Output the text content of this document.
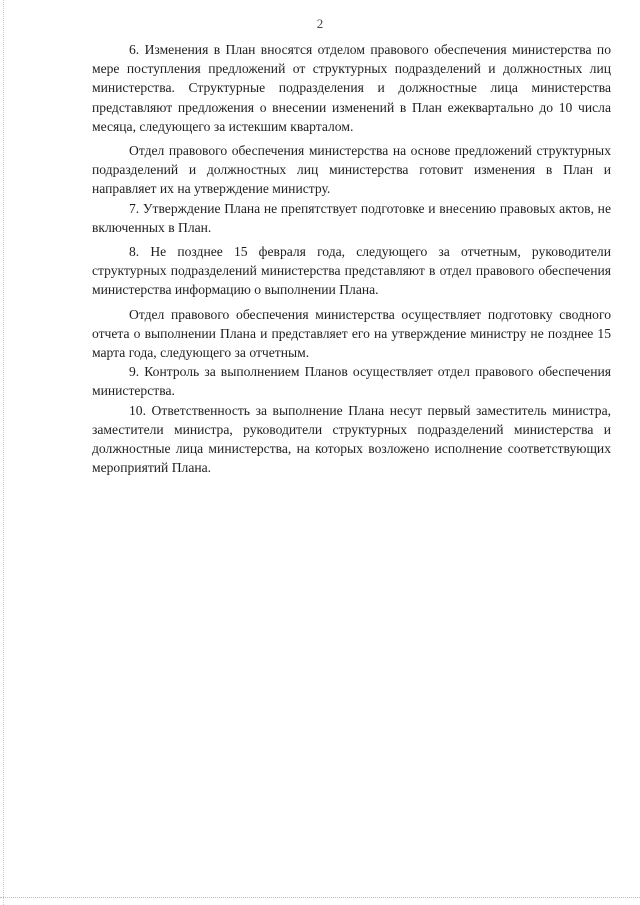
2

6. Изменения в План вносятся отделом правового обеспечения министерства по мере поступления предложений от структурных подразделений и должностных лиц министерства. Структурные подразделения и должностные лица министерства представляют предложения о внесении изменений в План ежеквартально до 10 числа месяца, следующего за истекшим кварталом.

Отдел правового обеспечения министерства на основе предложений структурных подразделений и должностных лиц министерства готовит изменения в План и направляет их на утверждение министру.

7. Утверждение Плана не препятствует подготовке и внесению правовых актов, не включенных в План.

8. Не позднее 15 февраля года, следующего за отчетным, руководители структурных подразделений министерства представляют в отдел правового обеспечения министерства информацию о выполнении Плана.

Отдел правового обеспечения министерства осуществляет подготовку сводного отчета о выполнении Плана и представляет его на утверждение министру не позднее 15 марта года, следующего за отчетным.

9. Контроль за выполнением Планов осуществляет отдел правового обеспечения министерства.

10. Ответственность за выполнение Плана несут первый заместитель министра, заместители министра, руководители структурных подразделений министерства и должностные лица министерства, на которых возложено исполнение соответствующих мероприятий Плана.
